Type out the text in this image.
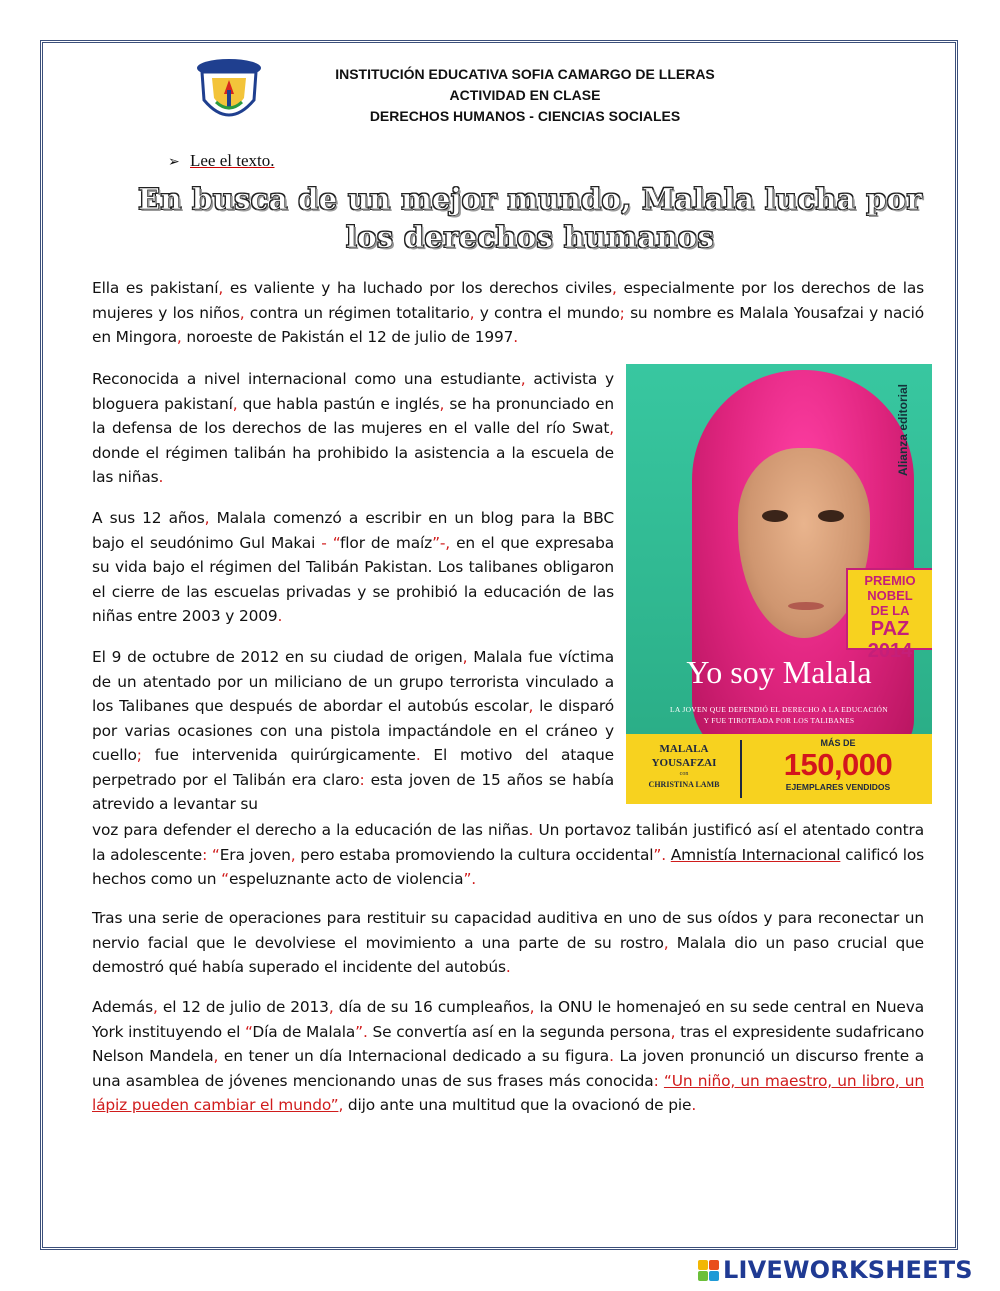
INSTITUCIÓN EDUCATIVA SOFIA CAMARGO DE LLERAS
ACTIVIDAD EN CLASE
DERECHOS HUMANOS - CIENCIAS SOCIALES
➢ Lee el texto.
En busca de un mejor mundo, Malala lucha por
los derechos humanos
Ella es pakistaní, es valiente y ha luchado por los derechos civiles, especialmente por los derechos de las mujeres y los niños, contra un régimen totalitario, y contra el mundo; su nombre es Malala Yousafzai y nació en Mingora, noroeste de Pakistán el 12 de julio de 1997.
Reconocida a nivel internacional como una estudiante, activista y bloguera pakistaní, que habla pastún e inglés, se ha pronunciado en la defensa de los derechos de las mujeres en el valle del río Swat, donde el régimen talibán ha prohibido la asistencia a la escuela de las niñas.
A sus 12 años, Malala comenzó a escribir en un blog para la BBC bajo el seudónimo Gul Makai - “flor de maíz”-, en el que expresaba su vida bajo el régimen del Talibán Pakistan. Los talibanes obligaron el cierre de las escuelas privadas y se prohibió la educación de las niñas entre 2003 y 2009.
El 9 de octubre de 2012 en su ciudad de origen, Malala fue víctima de un atentado por un miliciano de un grupo terrorista vinculado a los Talibanes que después de abordar el autobús escolar, le disparó por varias ocasiones con una pistola impactándole en el cráneo y cuello; fue intervenida quirúrgicamente. El motivo del ataque perpetrado por el Talibán era claro: esta joven de 15 años se había atrevido a levantar su
voz para defender el derecho a la educación de las niñas. Un portavoz talibán justificó así el atentado contra la adolescente: “Era joven, pero estaba promoviendo la cultura occidental”. Amnistía Internacional calificó los hechos como un “espeluznante acto de violencia”.
Tras una serie de operaciones para restituir su capacidad auditiva en uno de sus oídos y para reconectar un nervio facial que le devolviese el movimiento a una parte de su rostro, Malala dio un paso crucial que demostró qué había superado el incidente del autobús.
Además, el 12 de julio de 2013, día de su 16 cumpleaños, la ONU le homenajeó en su sede central en Nueva York instituyendo el “Día de Malala”. Se convertía así en la segunda persona, tras el expresidente sudafricano Nelson Mandela, en tener un día Internacional dedicado a su figura. La joven pronunció un discurso frente a una asamblea de jóvenes mencionando unas de sus frases más conocida: “Un niño, un maestro, un libro, un lápiz pueden cambiar el mundo”, dijo ante una multitud que la ovacionó de pie.
Alianza editorial
PREMIO
NOBEL
DE LA
PAZ 2014
Yo soy Malala
LA JOVEN QUE DEFENDIÓ EL DERECHO A LA EDUCACIÓN
Y FUE TIROTEADA POR LOS TALIBANES
MALALA
YOUSAFZAI
con
CHRISTINA LAMB
MÁS DE
150,000
EJEMPLARES VENDIDOS
LIVEWORKSHEETS
